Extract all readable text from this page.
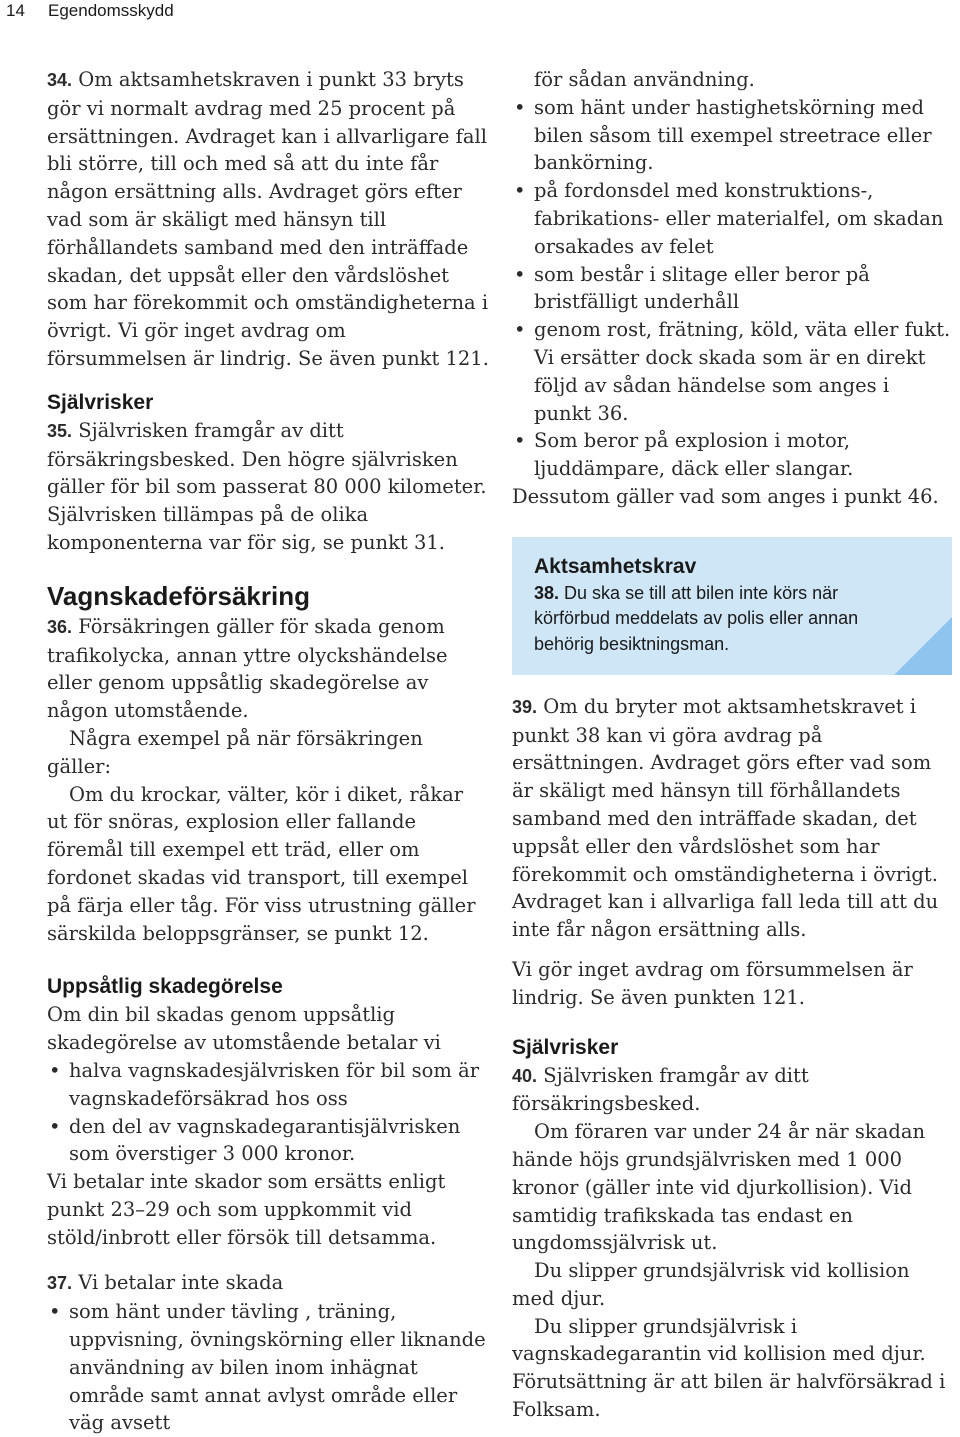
14 Egendomsskydd

34. Om aktsamhetskraven i punkt 33 bryts gör vi normalt avdrag med 25 procent på ersättningen. Avdraget kan i allvarligare fall bli större, till och med så att du inte får någon ersättning alls. Avdraget görs efter vad som är skäligt med hänsyn till förhållandets samband med den inträffade skadan, det uppsåt eller den vårdslöshet som har förekommit och omständigheterna i övrigt. Vi gör inget avdrag om försummelsen är lindrig. Se även punkt 121.

Självrisker

35. Självrisken framgår av ditt försäkringsbesked. Den högre självrisken gäller för bil som passerat 80 000 kilometer. Självrisken tillämpas på de olika komponenterna var för sig, se punkt 31.

Vagnskadeförsäkring

36. Försäkringen gäller för skada genom trafikolycka, annan yttre olyckshändelse eller genom uppsåtlig skadegörelse av någon utomstående.

Några exempel på när försäkringen gäller:

Om du krockar, välter, kör i diket, råkar ut för snöras, explosion eller fallande föremål till exempel ett träd, eller om fordonet skadas vid transport, till exempel på färja eller tåg. För viss utrustning gäller särskilda beloppsgränser, se punkt 12.

Uppsåtlig skadegörelse

Om din bil skadas genom uppsåtlig skadegörelse av utomstående betalar vi

• halva vagnskadesjälvrisken för bil som är vagnskadeförsäkrad hos oss
• den del av vagnskadegarantisjälvrisken som överstiger 3 000 kronor.

Vi betalar inte skador som ersätts enligt punkt 23–29 och som uppkommit vid stöld/inbrott eller försök till detsamma.

37. Vi betalar inte skada

• som hänt under tävling , träning, uppvisning, övningskörning eller liknande användning av bilen inom inhägnat område samt annat avlyst område eller väg avsett

för sådan användning.

• som hänt under hastighetskörning med bilen såsom till exempel streetrace eller bankörning.
• på fordonsdel med konstruktions-, fabrikations- eller materialfel, om skadan orsakades av felet
• som består i slitage eller beror på bristfälligt underhåll
• genom rost, frätning, köld, väta eller fukt. Vi ersätter dock skada som är en direkt följd av sådan händelse som anges i punkt 36.
• Som beror på explosion i motor, ljuddämpare, däck eller slangar.

Dessutom gäller vad som anges i punkt 46.

Aktsamhetskrav
38. Du ska se till att bilen inte körs när körförbud meddelats av polis eller annan behörig besiktningsman.

39. Om du bryter mot aktsamhetskravet i punkt 38 kan vi göra avdrag på ersättningen. Avdraget görs efter vad som är skäligt med hänsyn till förhållandets samband med den inträffade skadan, det uppsåt eller den vårdslöshet som har förekommit och omständigheterna i övrigt. Avdraget kan i allvarliga fall leda till att du inte får någon ersättning alls.

Vi gör inget avdrag om försummelsen är lindrig. Se även punkten 121.

Självrisker

40. Självrisken framgår av ditt försäkringsbesked.

Om föraren var under 24 år när skadan hände höjs grundsjälvrisken med 1 000 kronor (gäller inte vid djurkollision). Vid samtidig trafikskada tas endast en ungdomssjälvrisk ut.

Du slipper grundsjälvrisk vid kollision med djur.

Du slipper grundsjälvrisk i vagnskadegarantin vid kollision med djur. Förutsättning är att bilen är halvförsäkrad i Folksam.
